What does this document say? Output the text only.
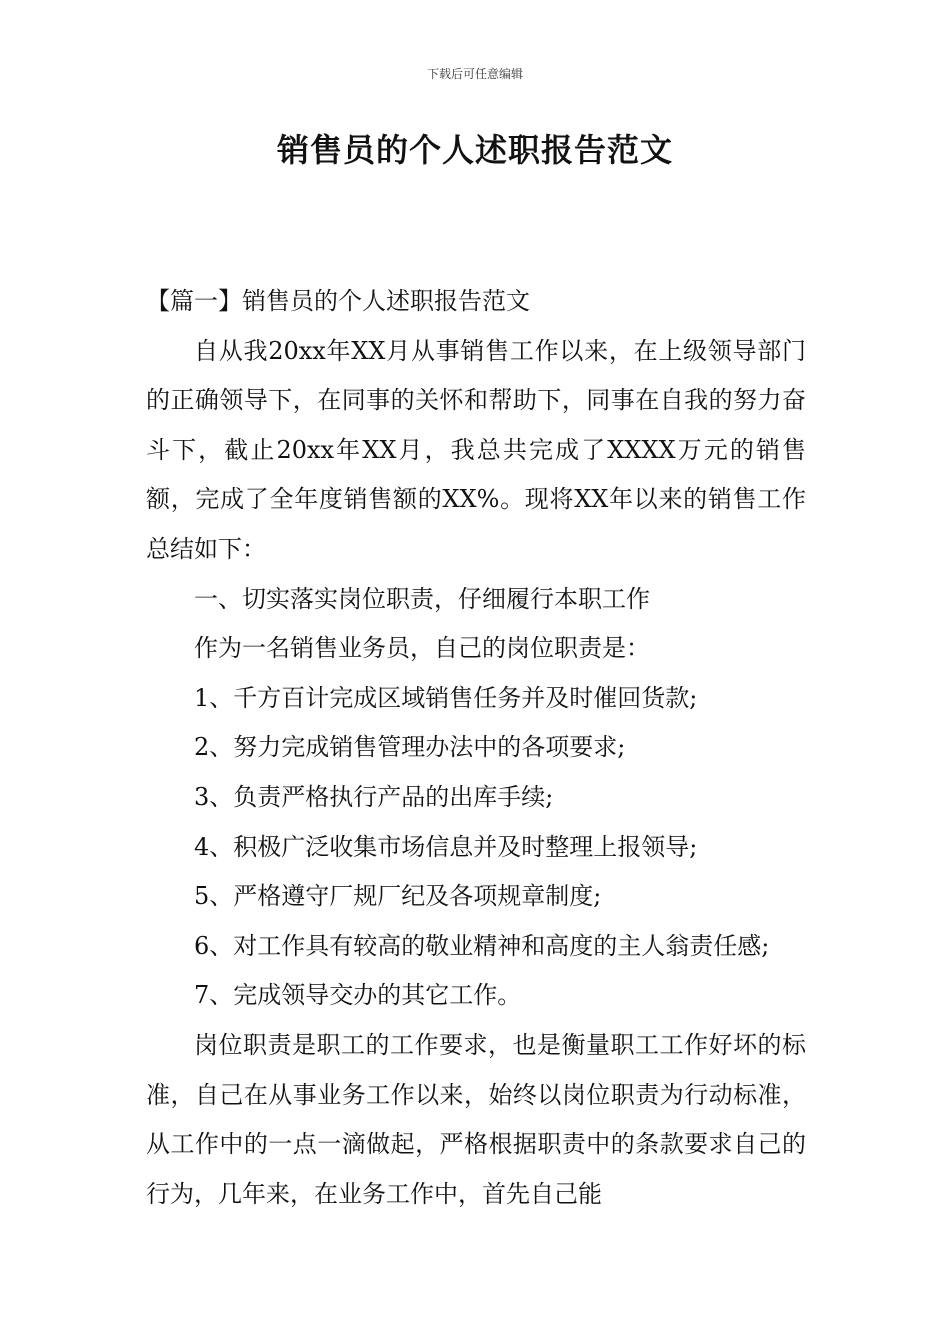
下载后可任意编辑
销售员的个人述职报告范文

【篇一】销售员的个人述职报告范文

自从我20xx年XX月从事销售工作以来，在上级领导部门的正确领导下，在同事的关怀和帮助下，同事在自我的努力奋斗下，截止20xx年XX月，我总共完成了XXXX万元的销售额，完成了全年度销售额的XX%。现将XX年以来的销售工作总结如下：

一、切实落实岗位职责，仔细履行本职工作

作为一名销售业务员，自己的岗位职责是：

1、千方百计完成区域销售任务并及时催回货款;

2、努力完成销售管理办法中的各项要求;

3、负责严格执行产品的出库手续;

4、积极广泛收集市场信息并及时整理上报领导;

5、严格遵守厂规厂纪及各项规章制度;

6、对工作具有较高的敬业精神和高度的主人翁责任感;

7、完成领导交办的其它工作。

岗位职责是职工的工作要求，也是衡量职工工作好坏的标准，自己在从事业务工作以来，始终以岗位职责为行动标准，从工作中的一点一滴做起，严格根据职责中的条款要求自己的行为，几年来，在业务工作中，首先自己能
